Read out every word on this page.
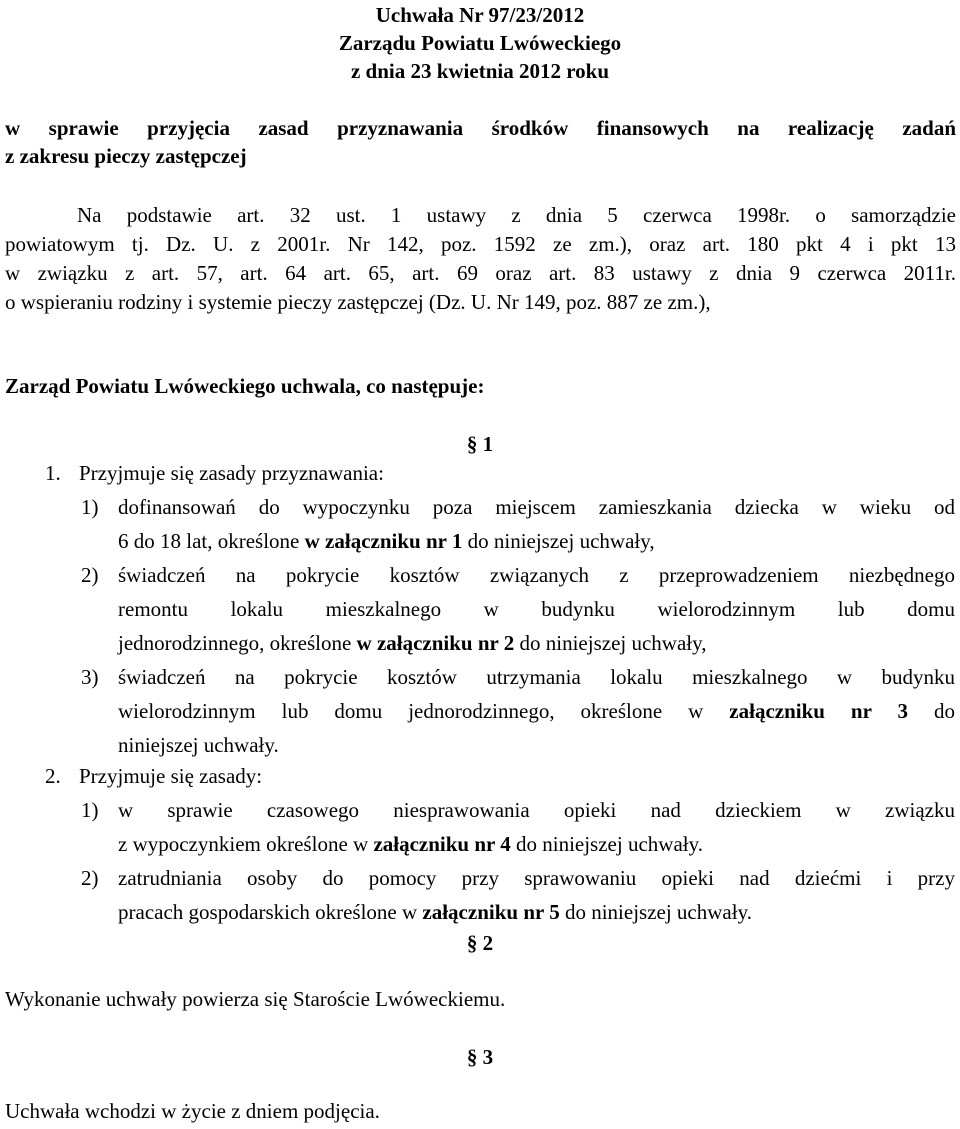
Uchwała Nr 97/23/2012

Zarządu Powiatu Lwóweckiego

z dnia 23 kwietnia 2012 roku

w sprawie przyjęcia zasad przyznawania środków finansowych na realizację zadań

z zakresu pieczy zastępczej

Na podstawie art. 32 ust. 1 ustawy z dnia 5 czerwca 1998r. o samorządzie

powiatowym tj. Dz. U. z 2001r. Nr 142, poz. 1592 ze zm.), oraz art. 180 pkt 4 i pkt 13

w związku z art. 57, art. 64 art. 65, art. 69 oraz art. 83 ustawy z dnia 9 czerwca 2011r.

o wspieraniu rodziny i systemie pieczy zastępczej (Dz. U. Nr 149, poz. 887 ze zm.),

Zarząd Powiatu Lwóweckiego uchwala, co następuje:

§ 1

1. Przyjmuje się zasady przyznawania:

1) dofinansowań do wypoczynku poza miejscem zamieszkania dziecka w wieku od

6 do 18 lat, określone w załączniku nr 1 do niniejszej uchwały,

2) świadczeń na pokrycie kosztów związanych z przeprowadzeniem niezbędnego

remontu lokalu mieszkalnego w budynku wielorodzinnym lub domu

jednorodzinnego, określone w załączniku nr 2 do niniejszej uchwały,

3) świadczeń na pokrycie kosztów utrzymania lokalu mieszkalnego w budynku

wielorodzinnym lub domu jednorodzinnego, określone w załączniku nr 3 do

niniejszej uchwały.

2. Przyjmuje się zasady:

1) w sprawie czasowego niesprawowania opieki nad dzieckiem w związku

z wypoczynkiem określone w załączniku nr 4 do niniejszej uchwały.

2) zatrudniania osoby do pomocy przy sprawowaniu opieki nad dziećmi i przy

pracach gospodarskich określone w załączniku nr 5 do niniejszej uchwały.

§ 2

Wykonanie uchwały powierza się Staroście Lwóweckiemu.

§ 3

Uchwała wchodzi w życie z dniem podjęcia.
